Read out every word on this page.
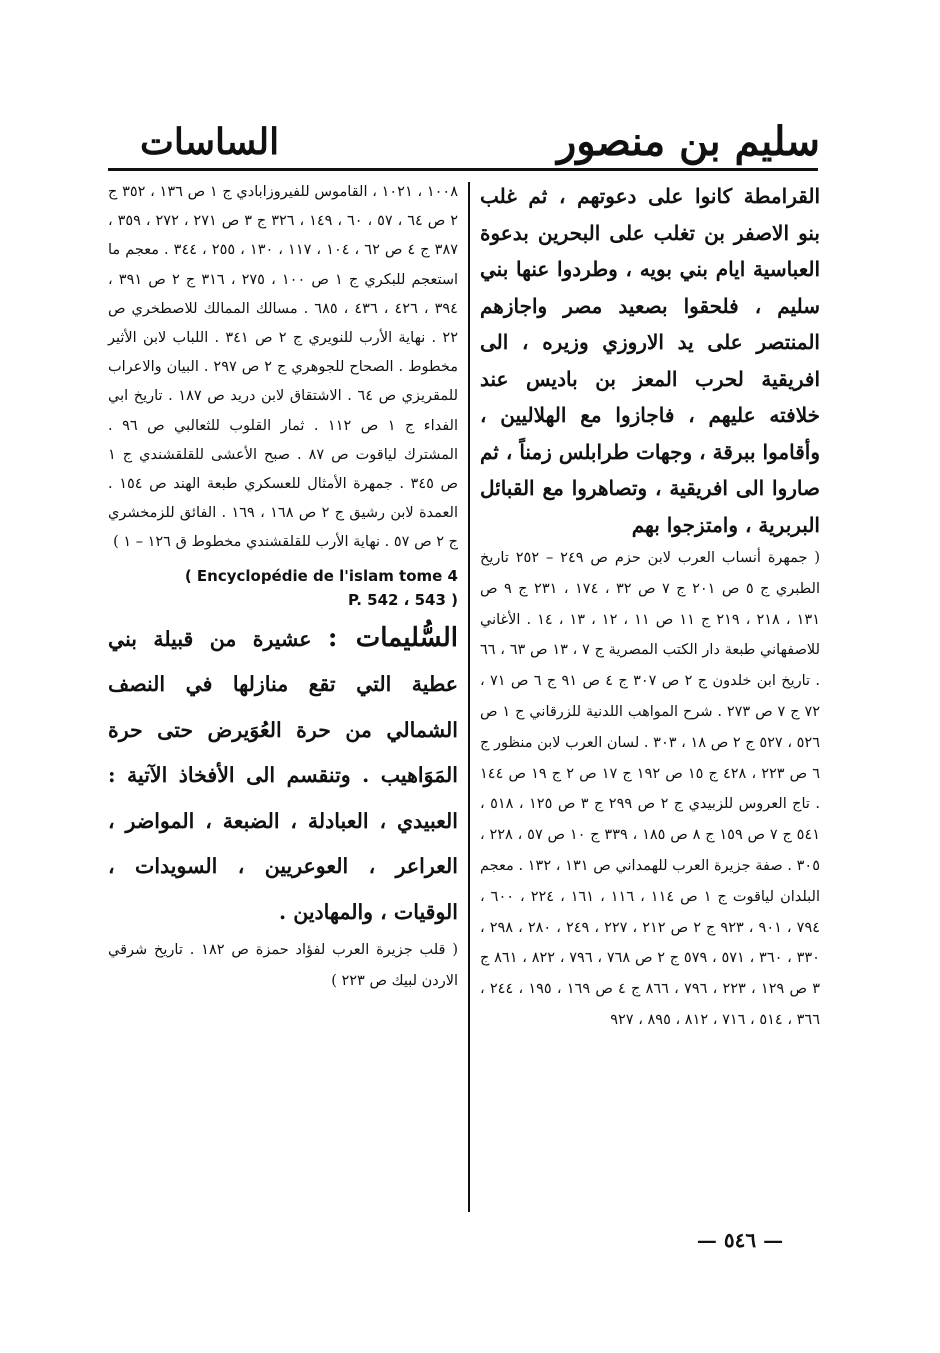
سليم بن منصور
الساسات

القرامطة كانوا على دعوتهم ، ثم غلب بنو الاصفر بن تغلب على البحرين بدعوة العباسية ايام بني بويه ، وطردوا عنها بني سليم ، فلحقوا بصعيد مصر واجازهم المنتصر على يد الاروزي وزيره ، الى افريقية لحرب المعز بن باديس عند خلافته عليهم ، فاجازوا مع الهلاليين ، وأقاموا ببرقة ، وجهات طرابلس زمناً ، ثم صاروا الى افريقية ، وتصاهروا مع القبائل البربرية ، وامتزجوا بهم

( جمهرة أنساب العرب لابن حزم ص ٢٤٩ – ٢٥٢ تاريخ الطبري ج ٥ ص ٢٠١ ج ٧ ص ٣٢ ، ١٧٤ ، ٢٣١ ج ٩ ص ١٣١ ، ٢١٨ ، ٢١٩ ج ١١ ص ١١ ، ١٢ ، ١٣ ، ١٤ . الأغاني للاصفهاني طبعة دار الكتب المصرية ج ٧ ، ١٣ ص ٦٣ ، ٦٦ . تاريخ ابن خلدون ج ٢ ص ٣٠٧ ج ٤ ص ٩١ ج ٦ ص ٧١ ، ٧٢ ج ٧ ص ٢٧٣ . شرح المواهب اللدنية للزرقاني ج ١ ص ٥٢٦ ، ٥٢٧ ج ٢ ص ١٨ ، ٣٠٣ . لسان العرب لابن منظور ج ٦ ص ٢٢٣ ، ٤٢٨ ج ١٥ ص ١٩٢ ج ١٧ ص ٢ ج ١٩ ص ١٤٤ . تاج العروس للزبيدي ج ٢ ص ٢٩٩ ج ٣ ص ١٢٥ ، ٥١٨ ، ٥٤١ ج ٧ ص ١٥٩ ج ٨ ص ١٨٥ ، ٣٣٩ ج ١٠ ص ٥٧ ، ٢٢٨ ، ٣٠٥ . صفة جزيرة العرب للهمداني ص ١٣١ ، ١٣٢ . معجم البلدان لياقوت ج ١ ص ١١٤ ، ١١٦ ، ١٦١ ، ٢٢٤ ، ٦٠٠ ، ٧٩٤ ، ٩٠١ ، ٩٢٣ ج ٢ ص ٢١٢ ، ٢٢٧ ، ٢٤٩ ، ٢٨٠ ، ٢٩٨ ، ٣٣٠ ، ٣٦٠ ، ٥٧١ ، ٥٧٩ ج ٢ ص ٧٦٨ ، ٧٩٦ ، ٨٢٢ ، ٨٦١ ج ٣ ص ١٢٩ ، ٢٢٣ ، ٧٩٦ ، ٨٦٦ ج ٤ ص ١٦٩ ، ١٩٥ ، ٢٤٤ ، ٣٦٦ ، ٥١٤ ، ٧١٦ ، ٨١٢ ، ٨٩٥ ، ٩٢٧

١٠٠٨ ، ١٠٢١ ، القاموس للفيروزابادي ج ١ ص ١٣٦ ، ٣٥٢ ج ٢ ص ٦٤ ، ٥٧ ، ٦٠ ، ١٤٩ ، ٣٢٦ ج ٣ ص ٢٧١ ، ٢٧٢ ، ٣٥٩ ، ٣٨٧ ج ٤ ص ٦٢ ، ١٠٤ ، ١١٧ ، ١٣٠ ، ٢٥٥ ، ٣٤٤ . معجم ما استعجم للبكري ج ١ ص ١٠٠ ، ٢٧٥ ، ٣١٦ ج ٢ ص ٣٩١ ، ٣٩٤ ، ٤٢٦ ، ٤٣٦ ، ٦٨٥ . مسالك الممالك للاصطخري ص ٢٢ . نهاية الأرب للنويري ج ٢ ص ٣٤١ . اللباب لابن الأثير مخطوط . الصحاح للجوهري ج ٢ ص ٢٩٧ . البيان والاعراب للمقريزي ص ٦٤ . الاشتقاق لابن دريد ص ١٨٧ . تاريخ ابي الفداء ج ١ ص ١١٢ . ثمار القلوب للثعالبي ص ٩٦ . المشترك لياقوت ص ٨٧ . صبح الأعشى للقلقشندي ج ١ ص ٣٤٥ . جمهرة الأمثال للعسكري طبعة الهند ص ١٥٤ . العمدة لابن رشيق ج ٢ ص ١٦٨ ، ١٦٩ . الفائق للزمخشري ج ٢ ص ٥٧ . نهاية الأرب للقلقشندي مخطوط ق ١٢٦ – ١ )

( Encyclopédie de l'islam tome 4
P. 542 ، 543 )

السُّليمات : عشيرة من قبيلة بني عطية التي تقع منازلها في النصف الشمالي من حرة العُوَيرض حتى حرة المَوَاهيب . وتنقسم الى الأفخاذ الآتية : العبيدي ، العبادلة ، الضبعة ، المواضر ، العراعر ، العوعريين ، السويدات ، الوقيات ، والمهادين .

( قلب جزيرة العرب لفؤاد حمزة ص ١٨٢ . تاريخ شرقي الاردن لبيك ص ٢٢٣ )

— ٥٤٦ —
